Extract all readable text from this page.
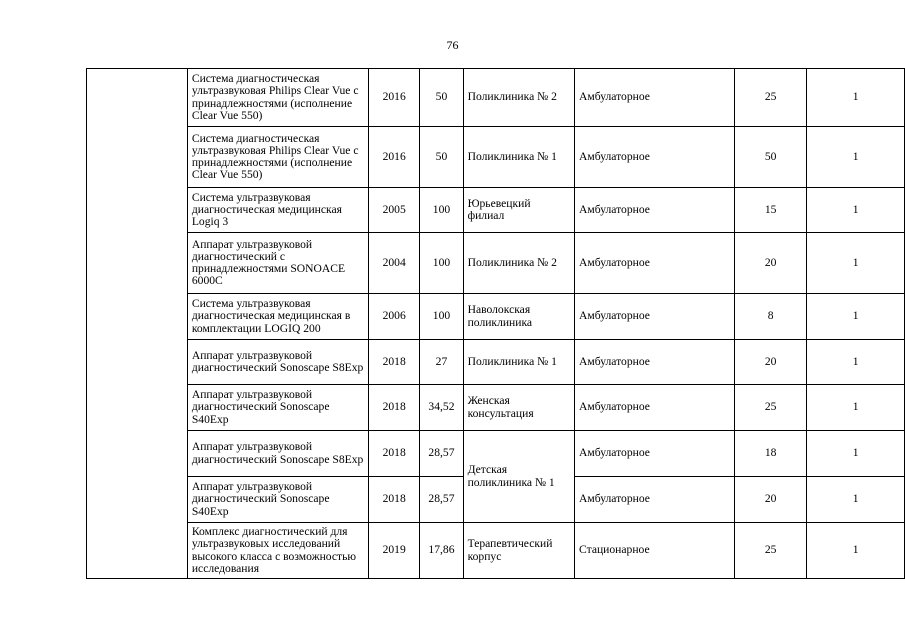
76
	Система диагностическая ультразвуковая Philips Clear Vue с принадлежностями (исполнение Clear Vue 550)	2016	50	Поликлиника № 2	Амбулаторное	25	1
	Система диагностическая ультразвуковая Philips Clear Vue с принадлежностями (исполнение Clear Vue 550)	2016	50	Поликлиника № 1	Амбулаторное	50	1
	Система ультразвуковая диагностическая медицинская Logiq 3	2005	100	Юрьевецкий филиал	Амбулаторное	15	1
	Аппарат ультразвуковой диагностический с принадлежностями SONOACE 6000C	2004	100	Поликлиника № 2	Амбулаторное	20	1
	Система ультразвуковая диагностическая медицинская в комплектации LOGIQ 200	2006	100	Наволокская поликлиника	Амбулаторное	8	1
	Аппарат ультразвуковой диагностический Sonoscape S8Exp	2018	27	Поликлиника № 1	Амбулаторное	20	1
	Аппарат ультразвуковой диагностический Sonoscape S40Exp	2018	34,52	Женская консультация	Амбулаторное	25	1
	Аппарат ультразвуковой диагностический Sonoscape S8Exp	2018	28,57	Детская поликлиника № 1	Амбулаторное	18	1
	Аппарат ультразвуковой диагностический Sonoscape S40Exp	2018	28,57		Амбулаторное	20	1
	Комплекс диагностический для ультразвуковых исследований высокого класса с возможностью исследования	2019	17,86	Терапевтический корпус	Стационарное	25	1
